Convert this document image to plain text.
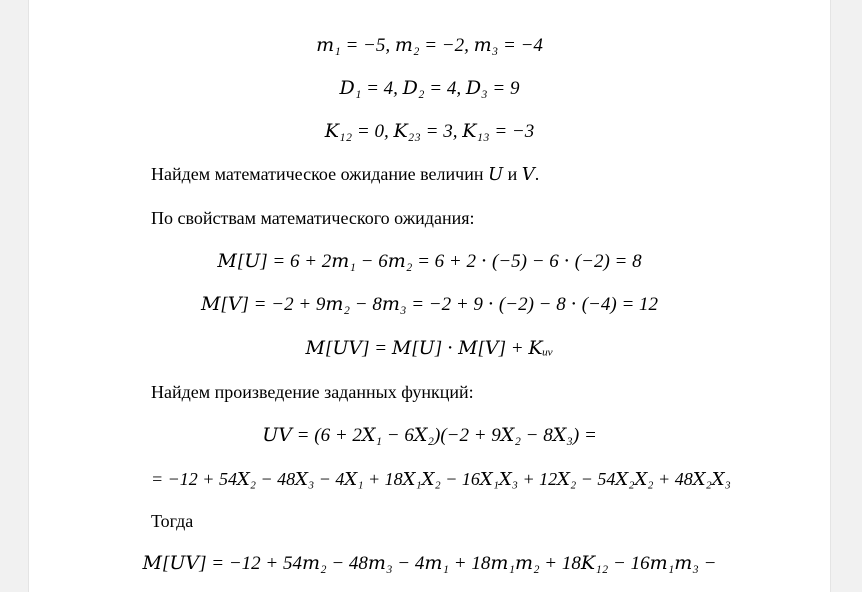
𝑚₁ = −5, 𝑚₂ = −2, 𝑚₃ = −4
𝐷₁ = 4, 𝐷₂ = 4, 𝐷₃ = 9
𝐾₁₂ = 0, 𝐾₂₃ = 3, 𝐾₁₃ = −3
Найдем математическое ожидание величин 𝑈 и 𝑉.
По свойствам математического ожидания:
𝑀[𝑈] = 6 + 2𝑚₁ − 6𝑚₂ = 6 + 2 ⋅ (−5) − 6 ⋅ (−2) = 8
𝑀[𝑉] = −2 + 9𝑚₂ − 8𝑚₃ = −2 + 9 ⋅ (−2) − 8 ⋅ (−4) = 12
𝑀[𝑈𝑉] = 𝑀[𝑈] ⋅ 𝑀[𝑉] + 𝐾ᵤᵥ
Найдем произведение заданных функций:
𝑈𝑉 = (6 + 2𝑋₁ − 6𝑋₂)(−2 + 9𝑋₂ − 8𝑋₃) =
= −12 + 54𝑋₂ − 48𝑋₃ − 4𝑋₁ + 18𝑋₁𝑋₂ − 16𝑋₁𝑋₃ + 12𝑋₂ − 54𝑋₂𝑋₂ + 48𝑋₂𝑋₃
Тогда
𝑀[𝑈𝑉] = −12 + 54𝑚₂ − 48𝑚₃ − 4𝑚₁ + 18𝑚₁𝑚₂ + 18𝐾₁₂ − 16𝑚₁𝑚₃ −
